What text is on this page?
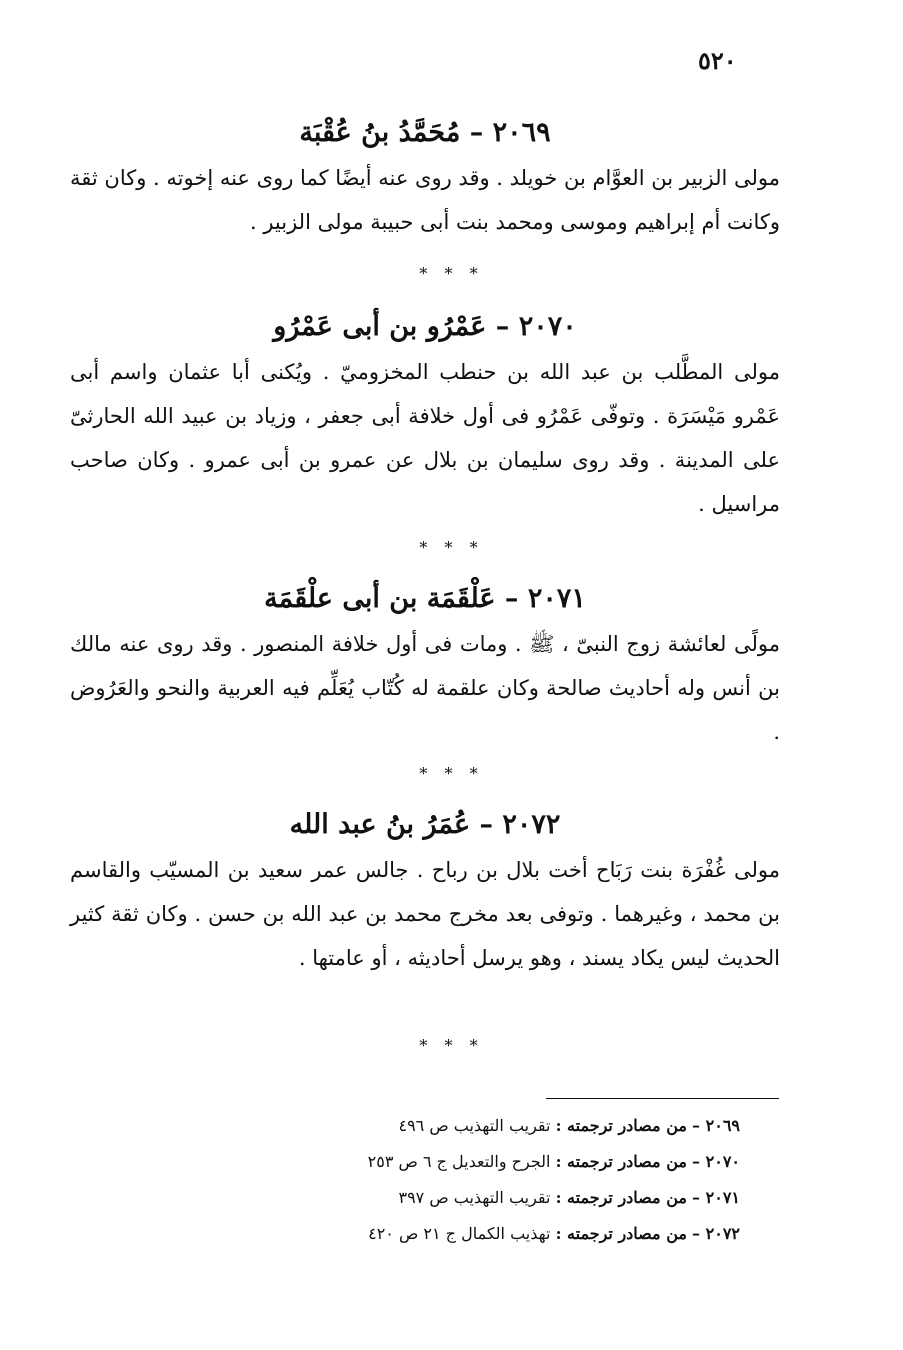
٥٢٠
٢٠٦٩ – مُحَمَّدُ بنُ عُقْبَة

مولى الزبير بن العوَّام بن خويلد . وقد روى عنه أيضًا كما روى عنه إخوته . وكان ثقة وكانت أم إبراهيم وموسى ومحمد بنت أبى حبيبة مولى الزبير .

* * *
٢٠٧٠ – عَمْرُو بن أبى عَمْرُو

مولى المطَّلب بن عبد الله بن حنطب المخزوميّ . ويُكنى أبا عثمان واسم أبى عَمْرو مَيْسَرَة . وتوفّى عَمْرُو فى أول خلافة أبى جعفر ، وزياد بن عبيد الله الحارثىّ على المدينة . وقد روى سليمان بن بلال عن عمرو بن أبى عمرو . وكان صاحب مراسيل .

* * *
٢٠٧١ – عَلْقَمَة بن أبى علْقَمَة

مولًى لعائشة زوج النبىّ ، ﷺ . ومات فى أول خلافة المنصور . وقد روى عنه مالك بن أنس وله أحاديث صالحة وكان علقمة له كُتّاب يُعَلِّم فيه العربية والنحو والعَرُوض .

* * *
٢٠٧٢ – عُمَرُ بنُ عبد الله

مولى غُفْرَة بنت رَبَاح أخت بلال بن رباح . جالس عمر سعيد بن المسيّب والقاسم بن محمد ، وغيرهما . وتوفى بعد مخرج محمد بن عبد الله بن حسن . وكان ثقة كثير الحديث ليس يكاد يسند ، وهو يرسل أحاديثه ، أو عامتها .

* * *
٢٠٦٩ – من مصادر ترجمته : تقريب التهذيب ص ٤٩٦
٢٠٧٠ – من مصادر ترجمته : الجرح والتعديل ج ٦ ص ٢٥٣
٢٠٧١ – من مصادر ترجمته : تقريب التهذيب ص ٣٩٧
٢٠٧٢ – من مصادر ترجمته : تهذيب الكمال ج ٢١ ص ٤٢٠
